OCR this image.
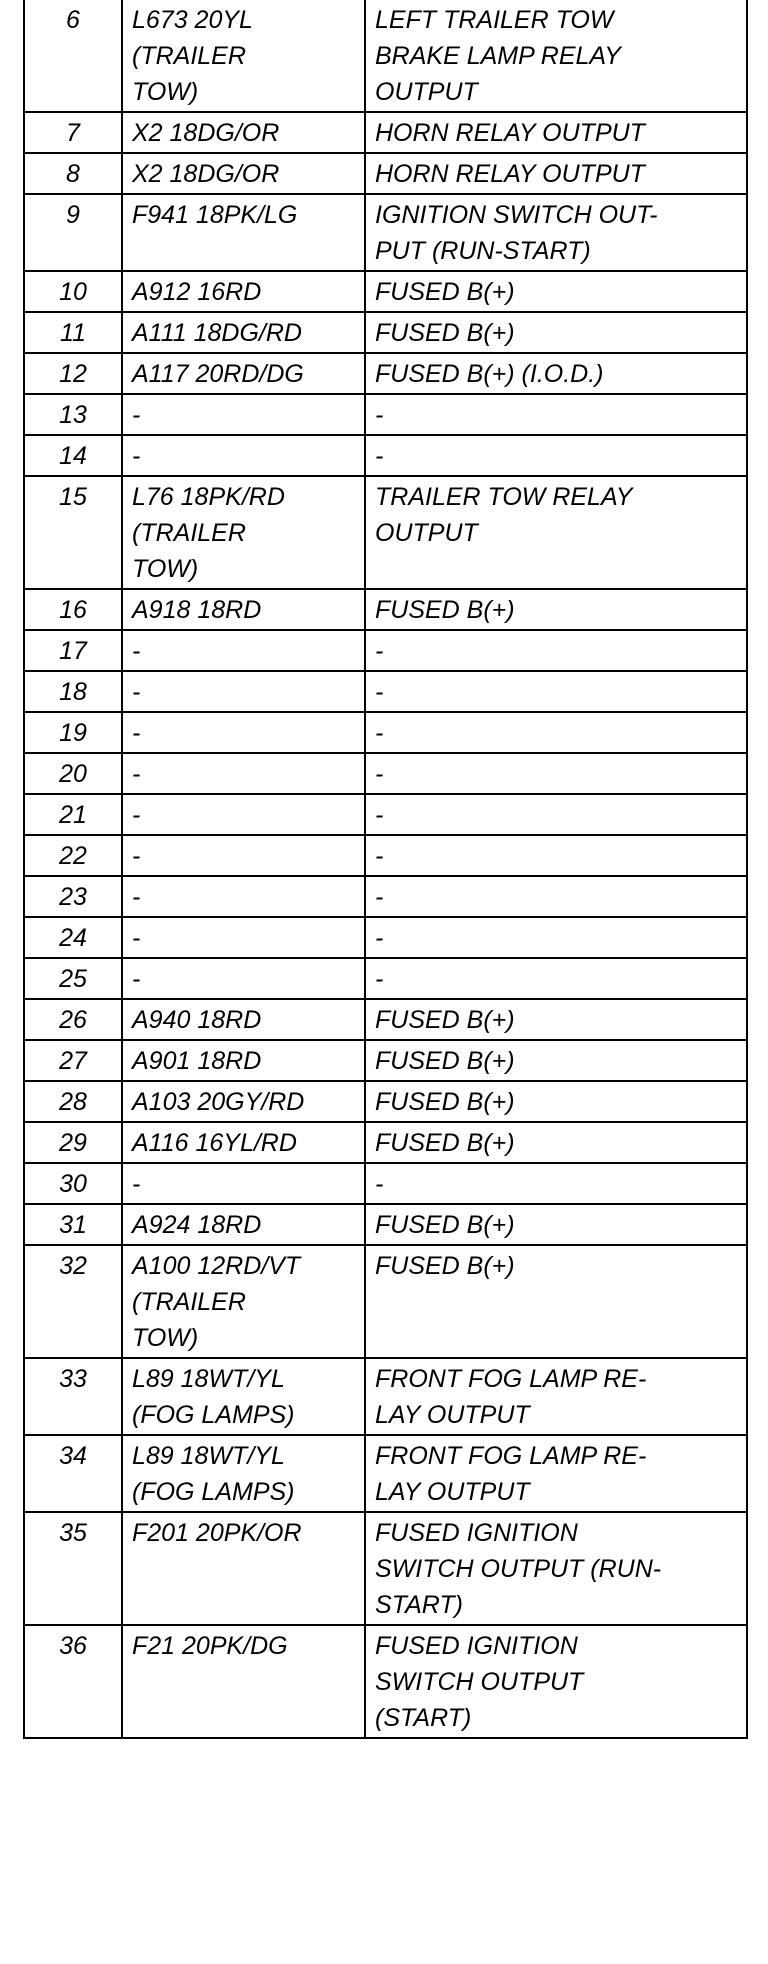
6	L673 20YL
(TRAILER
TOW)	LEFT TRAILER TOW
BRAKE LAMP RELAY
OUTPUT

7	X2 18DG/OR	HORN RELAY OUTPUT

8	X2 18DG/OR	HORN RELAY OUTPUT

9	F941 18PK/LG	IGNITION SWITCH OUT-
PUT (RUN-START)

10	A912 16RD	FUSED B(+)

11	A111 18DG/RD	FUSED B(+)

12	A117 20RD/DG	FUSED B(+) (I.O.D.)

13	-	-

14	-	-

15	L76 18PK/RD
(TRAILER
TOW)	TRAILER TOW RELAY
OUTPUT

16	A918 18RD	FUSED B(+)

17	-	-

18	-	-

19	-	-

20	-	-

21	-	-

22	-	-

23	-	-

24	-	-

25	-	-

26	A940 18RD	FUSED B(+)

27	A901 18RD	FUSED B(+)

28	A103 20GY/RD	FUSED B(+)

29	A116 16YL/RD	FUSED B(+)

30	-	-

31	A924 18RD	FUSED B(+)

32	A100 12RD/VT
(TRAILER
TOW)	FUSED B(+)

33	L89 18WT/YL
(FOG LAMPS)	FRONT FOG LAMP RE-
LAY OUTPUT

34	L89 18WT/YL
(FOG LAMPS)	FRONT FOG LAMP RE-
LAY OUTPUT

35	F201 20PK/OR	FUSED IGNITION
SWITCH OUTPUT (RUN-
START)

36	F21 20PK/DG	FUSED IGNITION
SWITCH OUTPUT
(START)
